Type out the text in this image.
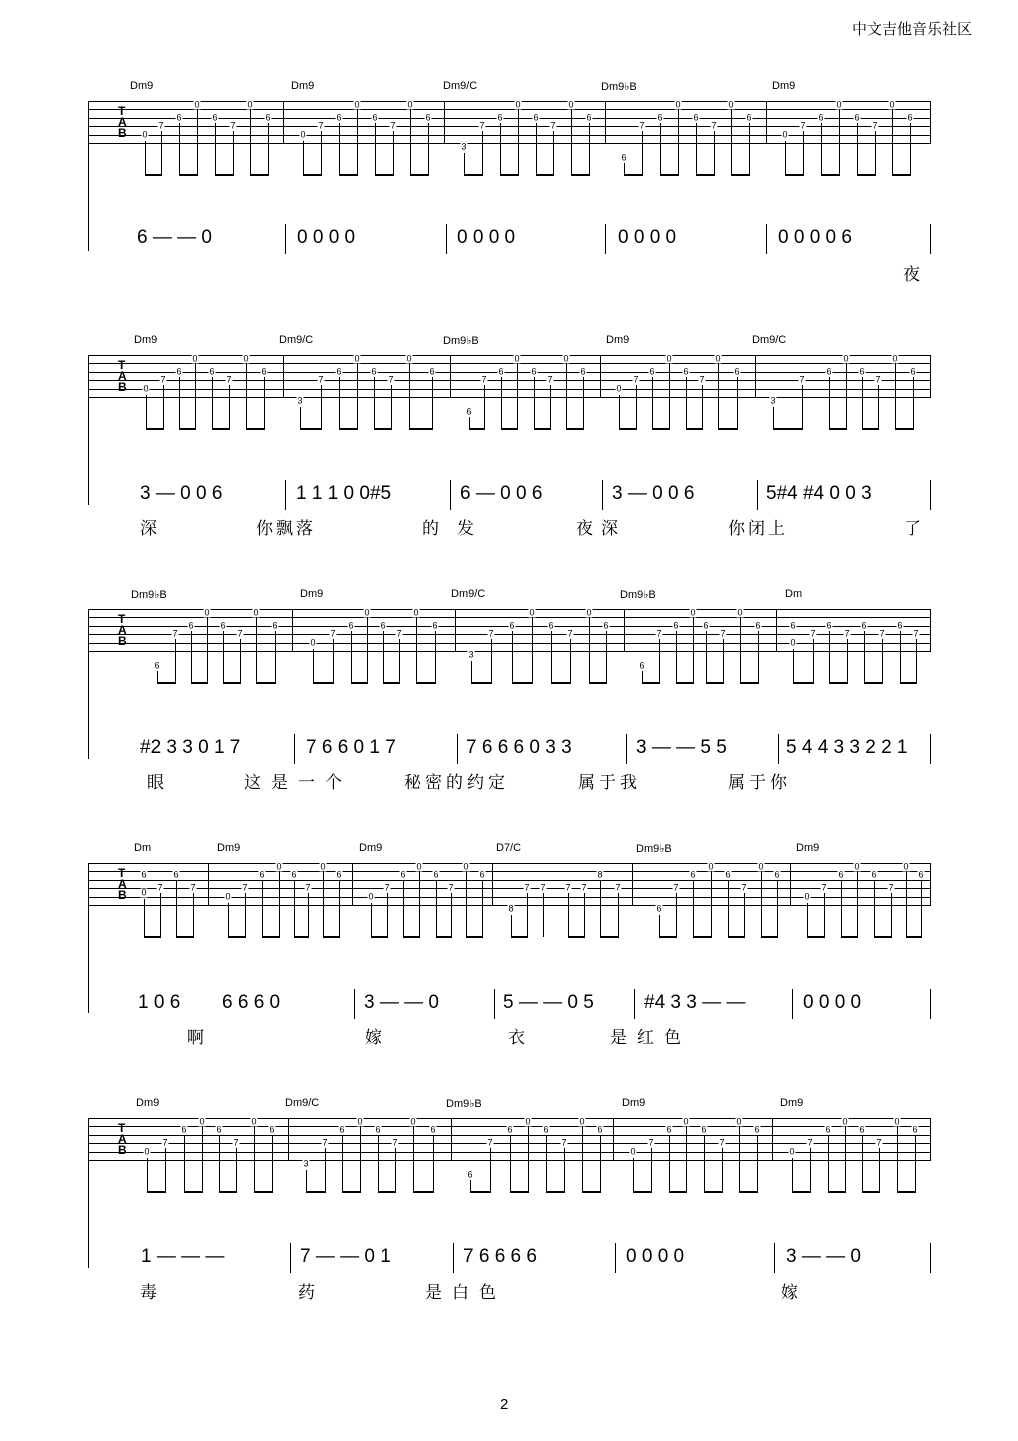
中文吉他音乐社区
2
Dm9	Dm9	Dm9/C	Dm9♭B	Dm9
T
A
B 0
7
6
0
6
7
0
6
0
7
6
0
6
7
0
6
3
7
6
0
6
7
0
6
6
7
6
0
6
7
0
6
0
7
6
0
6
7
0
6
6 — — 0	0 0 0 0	0 0 0 0	0 0 0 0	0 0 0 0 6
夜
Dm9	Dm9/C	Dm9♭B	Dm9	Dm9/C
T
A
B 0
7
6
0
6
7
0
6
3
7
6
0
6
7
0
6
6
7
6
0
6
7
0
6
0
7
6
0
6
7
0
6
3
7
6
0
6
7
0
6
3 — 0 0 6	1 1 1 0 0#5	6 — 0 0 6	3 — 0 0 6	5#4 #4 0 0 3
深	你飘落	的发	夜深	你闭上	了
Dm9♭B	Dm9	Dm9/C	Dm9♭B	Dm
T
A
B
6
7
6
0
6
7
0
6
0
7
6
0
6
7
0
6
3
7
6
0
6
7
0
6
6
7
6
0
6
7
0
6	6
0
7
6
7
6
7
6
7
#2 3 3 0 1 7	7 6 6 0 1 7	7 6 6 6 0 3 3	3 — — 5 5	5 4 4 3 3 2 2 1
眼	这是一个	秘密的约定	属于我	属于你
Dm	Dm9	Dm9	D7/C	Dm9♭B	Dm9
T
A
B
6
0 7
6
7
0
7
6
0
6
7
0
6
0
7
6
0
6
7
0
6
8
7 7 7 7
8
7
6
7
6
0
6
7
0
6
0
7
6
0
6
7
0
6
1 0 6 6 6 6 0	3 — — 0	5 — — 0 5	#4 3 3 — —	0 0 0 0
啊	嫁	衣	是红色
Dm9	Dm9/C	Dm9♭B	Dm9	Dm9
T
A
B 0
7
6
0
6
7
0
6
3
7
6
0
6
7
0
6
6
7
6
0
6
7
0
6
0
7
6
0
6
7
0
6
0
7
6
0
6
7
0
6
1 — — —	7 — — 0 1	7 6 6 6 6	0 0 0 0	3 — — 0
毒	药	是白色	嫁
